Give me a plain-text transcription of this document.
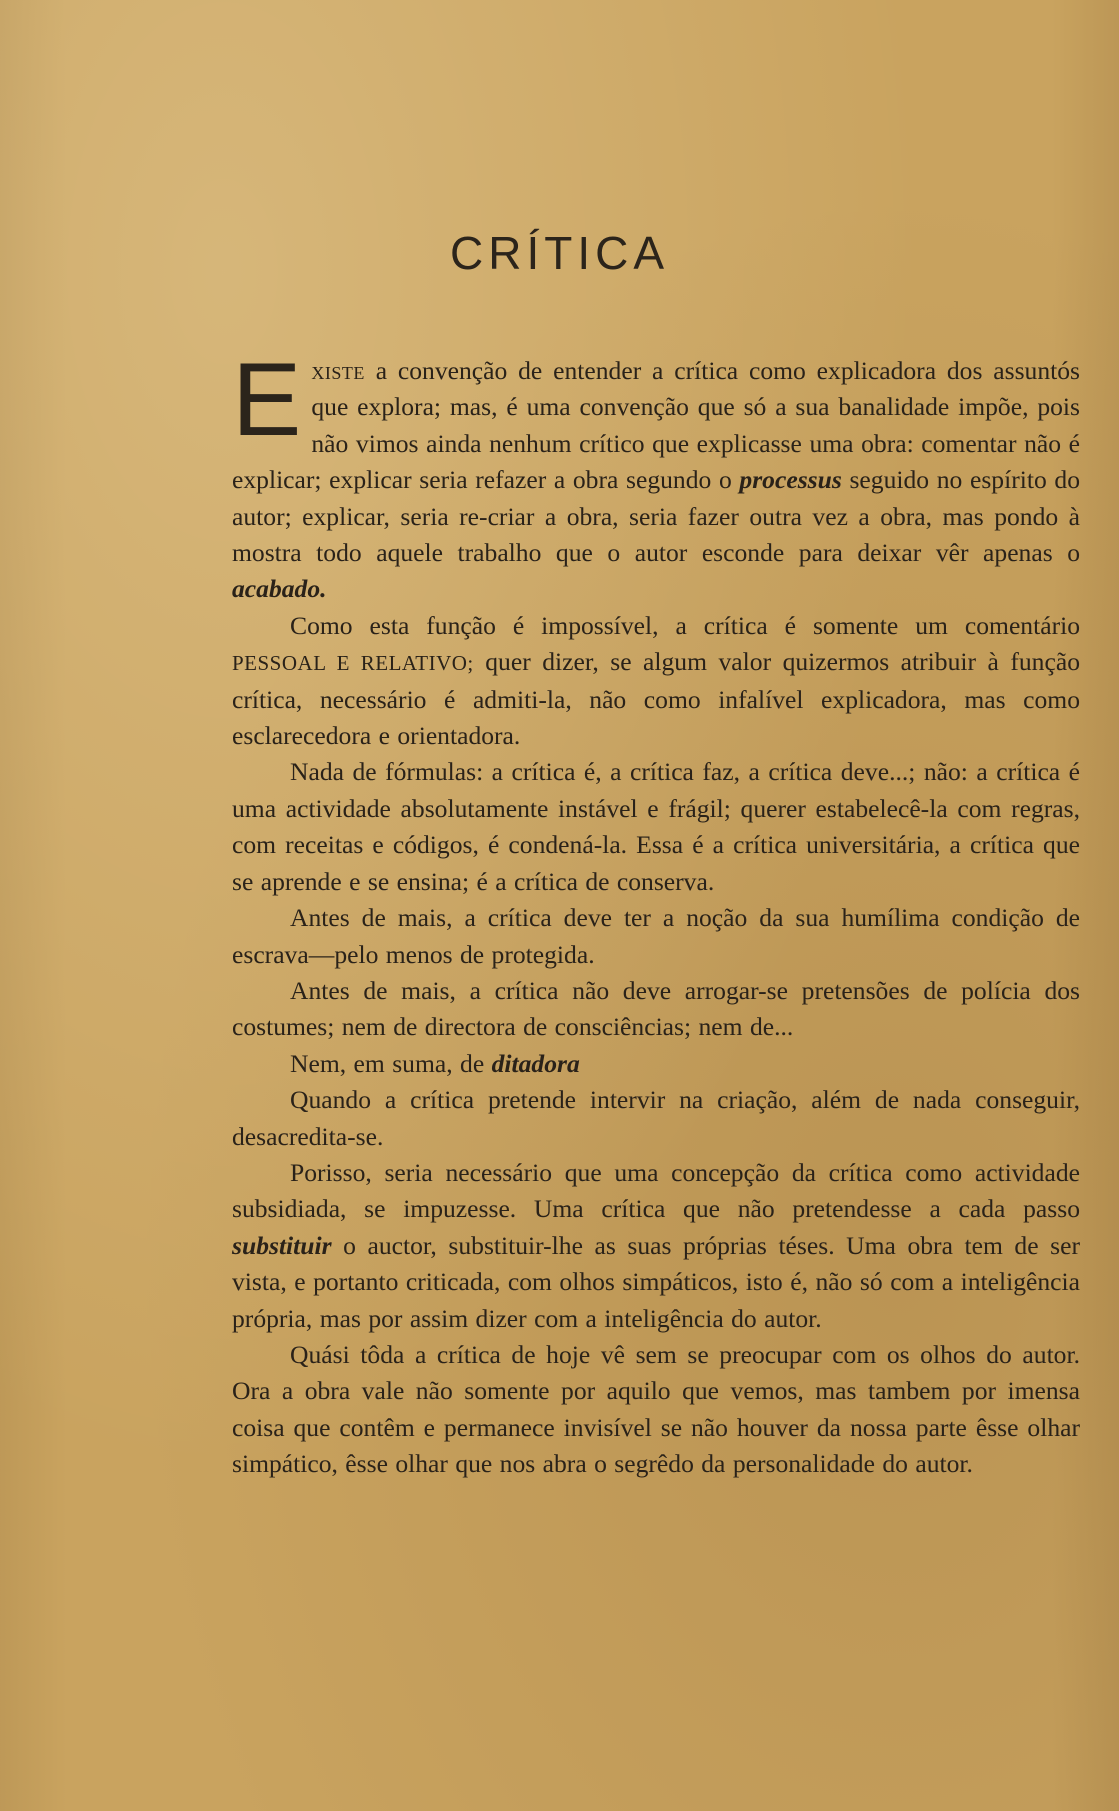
CRÍTICA

Existe a convenção de entender a crítica como explicadora dos assuntós que explora; mas, é uma convenção que só a sua banalidade impõe, pois não vimos ainda nenhum crítico que explicasse uma obra: comentar não é explicar; explicar seria refazer a obra segundo o processus seguido no espírito do autor; explicar, seria re-criar a obra, seria fazer outra vez a obra, mas pondo à mostra todo aquele trabalho que o autor esconde para deixar vêr apenas o acabado.

Como esta função é impossível, a crítica é somente um comentário PESSOAL E RELATIVO; quer dizer, se algum valor quizermos atribuir à função crítica, necessário é admiti-la, não como infalível explicadora, mas como esclarecedora e orientadora.

Nada de fórmulas: a crítica é, a crítica faz, a crítica deve...; não: a crítica é uma actividade absolutamente instável e frágil; querer estabelecê-la com regras, com receitas e códigos, é condená-la. Essa é a crítica universitária, a crítica que se aprende e se ensina; é a crítica de conserva.

Antes de mais, a crítica deve ter a noção da sua humílima condição de escrava—pelo menos de protegida.

Antes de mais, a crítica não deve arrogar-se pretensões de polícia dos costumes; nem de directora de consciências; nem de...

Nem, em suma, de ditadora

Quando a crítica pretende intervir na criação, além de nada conseguir, desacredita-se.

Porisso, seria necessário que uma concepção da crítica como actividade subsidiada, se impuzesse. Uma crítica que não pretendesse a cada passo substituir o auctor, substituir-lhe as suas próprias téses. Uma obra tem de ser vista, e portanto criticada, com olhos simpáticos, isto é, não só com a inteligência própria, mas por assim dizer com a inteligência do autor.

Quási tôda a crítica de hoje vê sem se preocupar com os olhos do autor. Ora a obra vale não somente por aquilo que vemos, mas tambem por imensa coisa que contêm e permanece invisível se não houver da nossa parte êsse olhar simpático, êsse olhar que nos abra o segrêdo da personalidade do autor.
